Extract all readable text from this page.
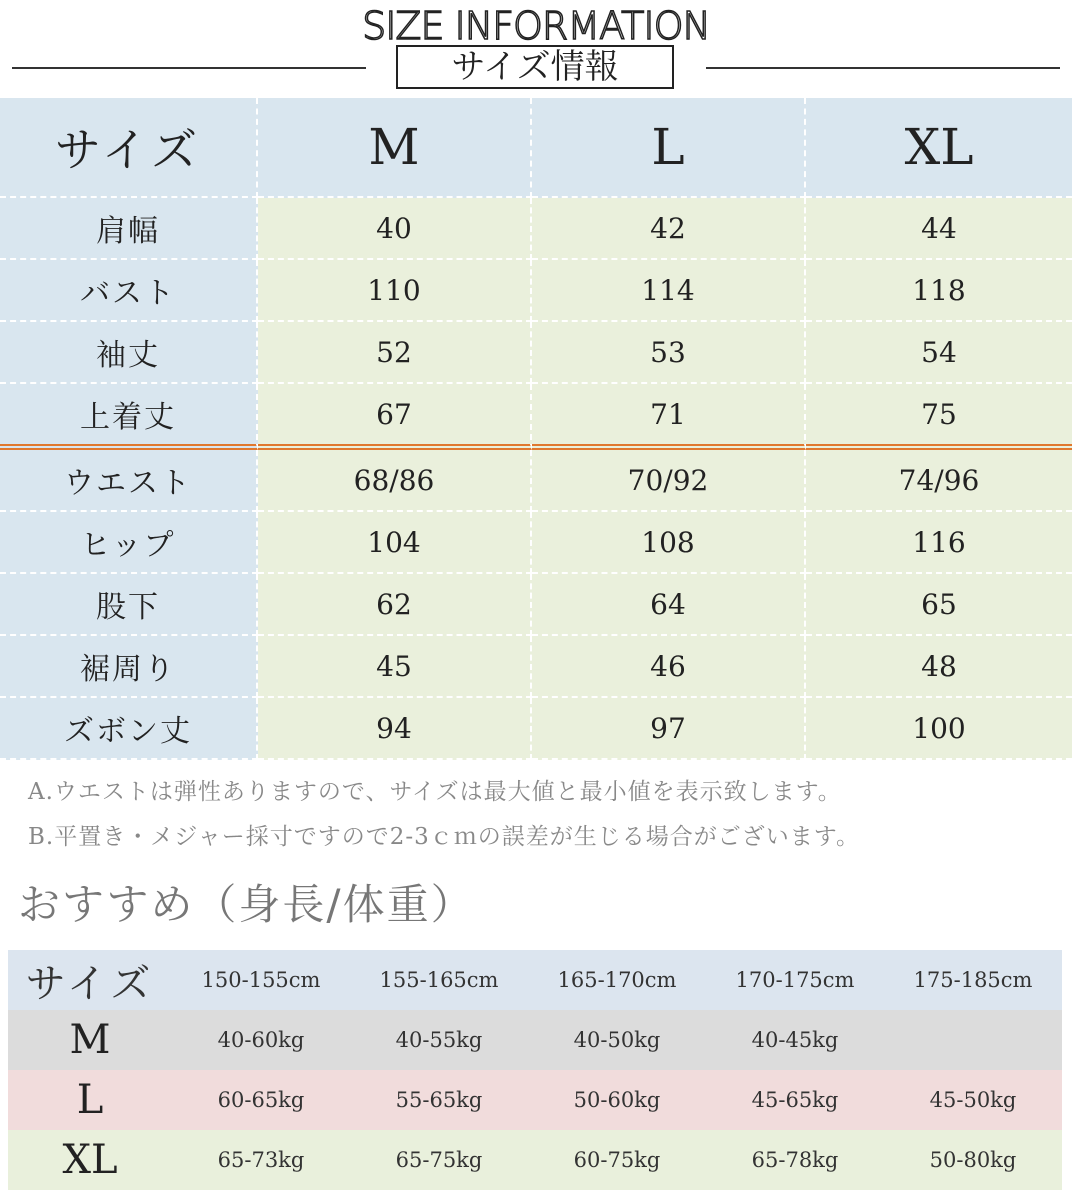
SIZE INFORMATION
サイズ情報
サイズ	M	L	XL
肩幅	40	42	44
バスト	110	114	118
袖丈	52	53	54
上着丈	67	71	75
ウエスト	68/86	70/92	74/96
ヒップ	104	108	116
股下	62	64	65
裾周り	45	46	48
ズボン丈	94	97	100
A.ウエストは弾性ありますので、サイズは最大値と最小値を表示致します。
B.平置き・メジャー採寸ですので2-3ｃｍの誤差が生じる場合がございます。
おすすめ（身長/体重）
サイズ	150-155cm	155-165cm	165-170cm	170-175cm	175-185cm
M	40-60kg	40-55kg	40-50kg	40-45kg	
L	60-65kg	55-65kg	50-60kg	45-65kg	45-50kg
XL	65-73kg	65-75kg	60-75kg	65-78kg	50-80kg
